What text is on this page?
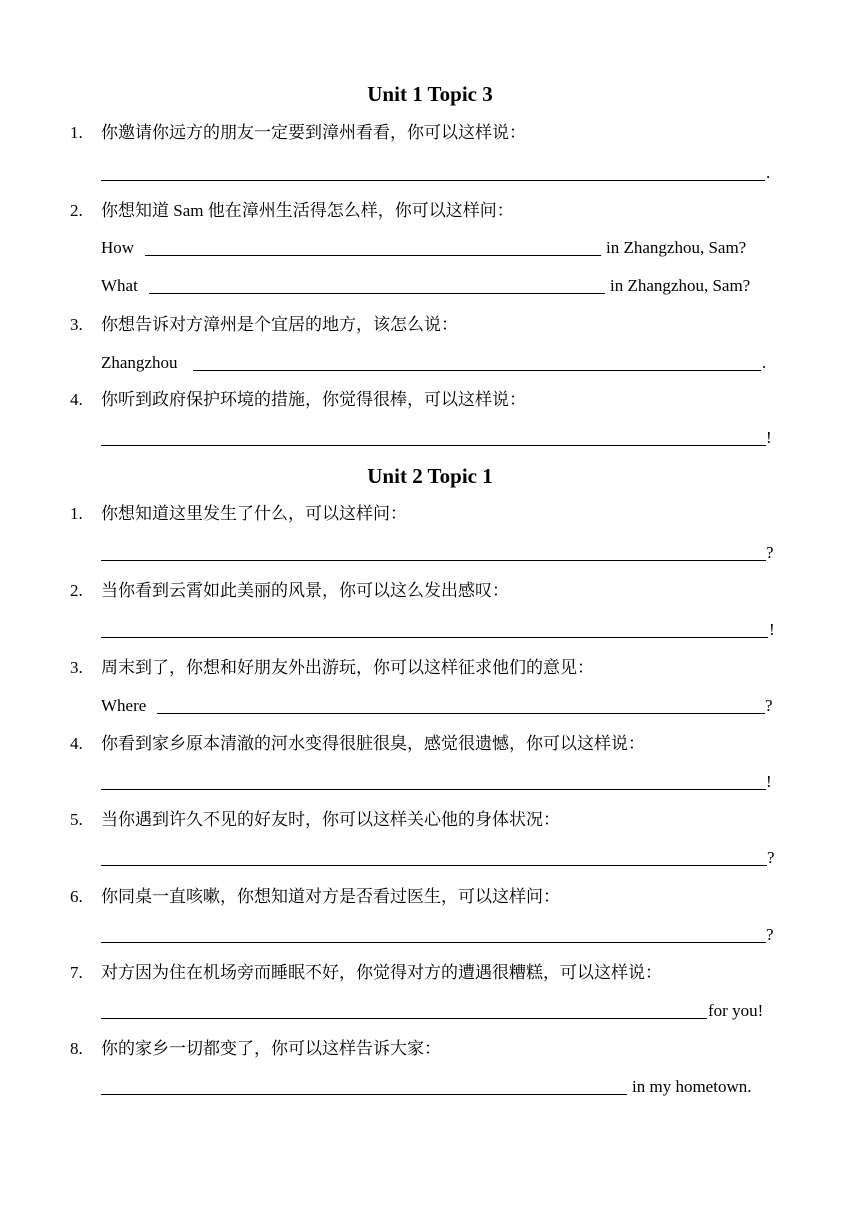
Unit 1 Topic 3
1.	你邀请你远方的朋友一定要到漳州看看，你可以这样说：
.
2.	你想知道 Sam 他在漳州生活得怎么样，你可以这样问：
How	in Zhangzhou, Sam?
What	in Zhangzhou, Sam?
3.	你想告诉对方漳州是个宜居的地方，该怎么说：
Zhangzhou	.
4.	你听到政府保护环境的措施，你觉得很棒，可以这样说：
!
Unit 2 Topic 1
1.	你想知道这里发生了什么，可以这样问：
?
2.	当你看到云霄如此美丽的风景，你可以这么发出感叹：
!
3.	周末到了，你想和好朋友外出游玩，你可以这样征求他们的意见：
Where	?
4.	你看到家乡原本清澈的河水变得很脏很臭，感觉很遗憾，你可以这样说：
!
5.	当你遇到许久不见的好友时，你可以这样关心他的身体状况：
?
6.	你同桌一直咳嗽，你想知道对方是否看过医生，可以这样问：
?
7.	对方因为住在机场旁而睡眠不好，你觉得对方的遭遇很糟糕，可以这样说：
for you!
8.	你的家乡一切都变了，你可以这样告诉大家：
in my hometown.
